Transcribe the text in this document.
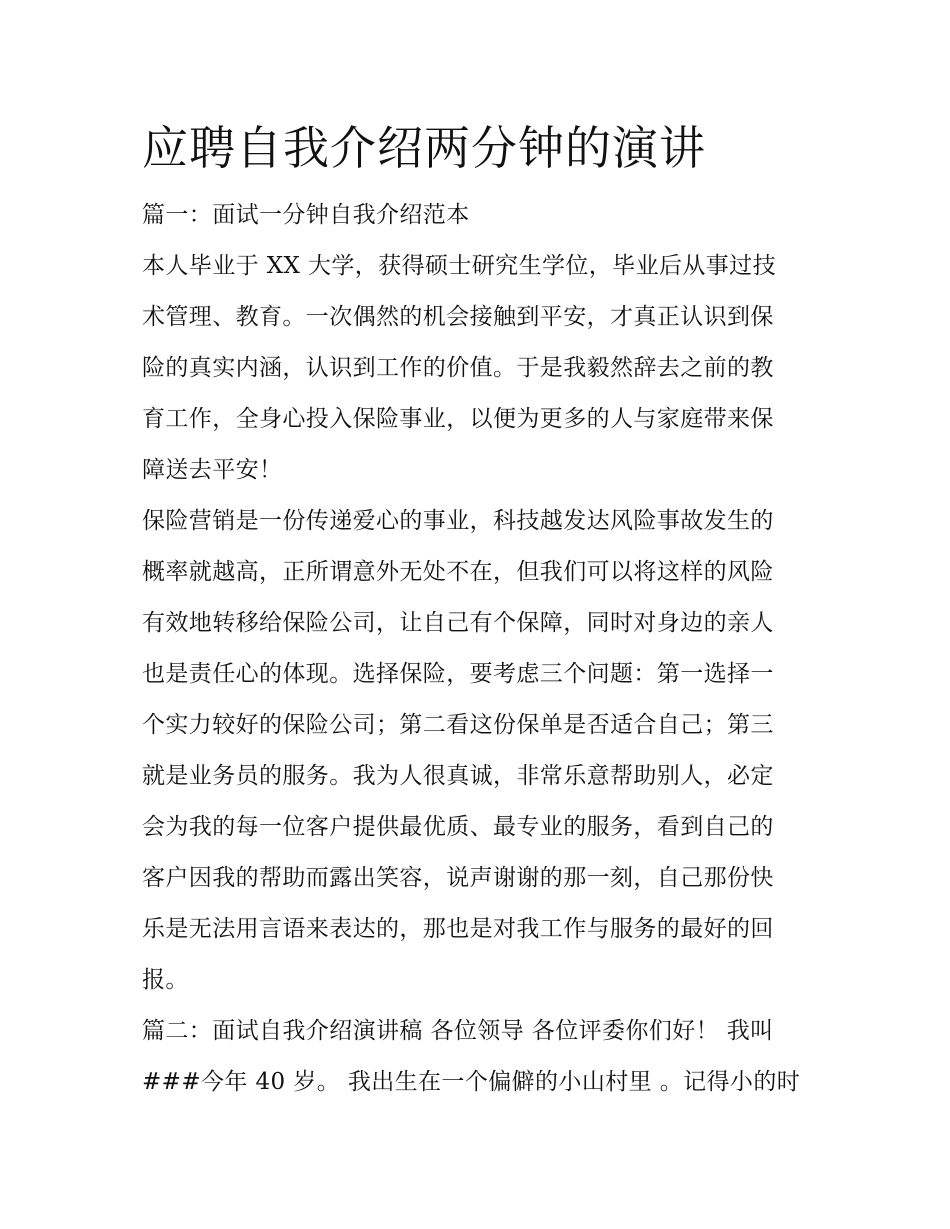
应聘自我介绍两分钟的演讲

篇一：面试一分钟自我介绍范本

本人毕业于 XX 大学，获得硕士研究生学位，毕业后从事过技

术管理、教育。一次偶然的机会接触到平安，才真正认识到保

险的真实内涵，认识到工作的价值。于是我毅然辞去之前的教

育工作，全身心投入保险事业，以便为更多的人与家庭带来保

障送去平安！

保险营销是一份传递爱心的事业，科技越发达风险事故发生的

概率就越高，正所谓意外无处不在，但我们可以将这样的风险

有效地转移给保险公司，让自己有个保障，同时对身边的亲人

也是责任心的体现。选择保险，要考虑三个问题：第一选择一

个实力较好的保险公司；第二看这份保单是否适合自己；第三

就是业务员的服务。我为人很真诚，非常乐意帮助别人，必定

会为我的每一位客户提供最优质、最专业的服务，看到自己的

客户因我的帮助而露出笑容，说声谢谢的那一刻，自己那份快

乐是无法用言语来表达的，那也是对我工作与服务的最好的回

报。

篇二：面试自我介绍演讲稿 各位领导 各位评委你们好！ 我叫

###今年 40 岁。 我出生在一个偏僻的小山村里 。记得小的时
